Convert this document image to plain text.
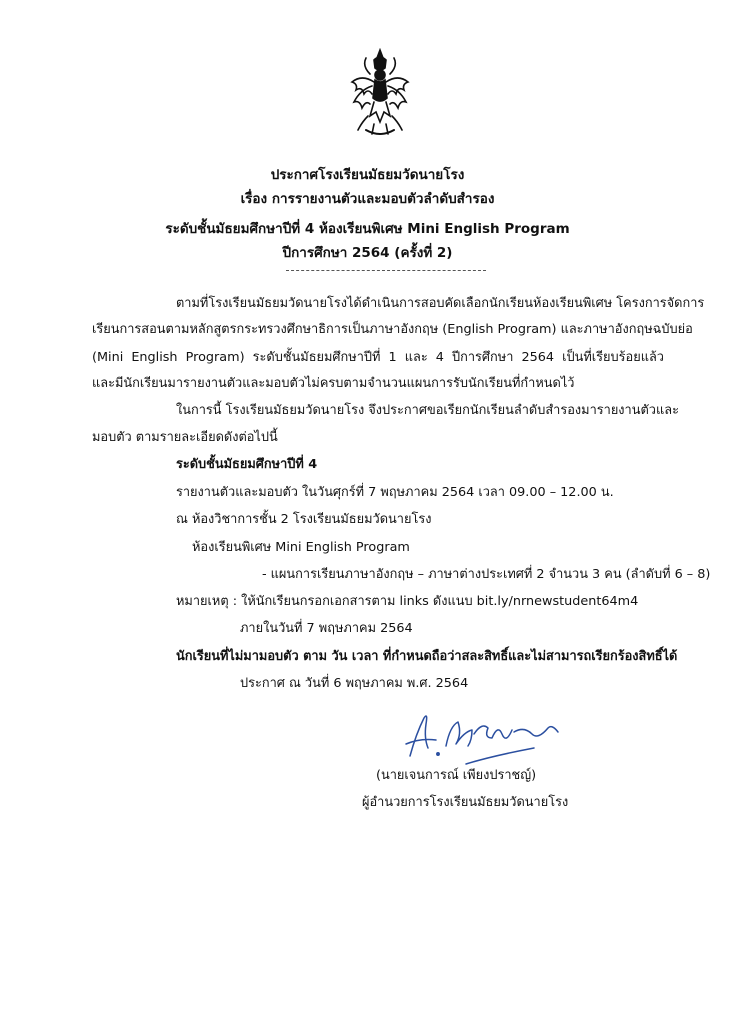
ประกาศโรงเรียนมัธยมวัดนายโรง
เรื่อง การรายงานตัวและมอบตัวลำดับสำรอง
ระดับชั้นมัธยมศึกษาปีที่ 4 ห้องเรียนพิเศษ Mini English Program
ปีการศึกษา 2564 (ครั้งที่ 2)
ตามที่โรงเรียนมัธยมวัดนายโรงได้ดำเนินการสอบคัดเลือกนักเรียนห้องเรียนพิเศษ โครงการจัดการ
เรียนการสอนตามหลักสูตรกระทรวงศึกษาธิการเป็นภาษาอังกฤษ (English Program) และภาษาอังกฤษฉบับย่อ
(Mini English Program) ระดับชั้นมัธยมศึกษาปีที่ 1 และ 4 ปีการศึกษา 2564 เป็นที่เรียบร้อยแล้ว
และมีนักเรียนมารายงานตัวและมอบตัวไม่ครบตามจำนวนแผนการรับนักเรียนที่กำหนดไว้
ในการนี้ โรงเรียนมัธยมวัดนายโรง จึงประกาศขอเรียกนักเรียนลำดับสำรองมารายงานตัวและ
มอบตัว ตามรายละเอียดดังต่อไปนี้
ระดับชั้นมัธยมศึกษาปีที่ 4
รายงานตัวและมอบตัว ในวันศุกร์ที่ 7 พฤษภาคม 2564 เวลา 09.00 – 12.00 น.
ณ ห้องวิชาการชั้น 2 โรงเรียนมัธยมวัดนายโรง
ห้องเรียนพิเศษ Mini English Program
- แผนการเรียนภาษาอังกฤษ – ภาษาต่างประเทศที่ 2 จำนวน 3 คน (ลำดับที่ 6 – 8)
หมายเหตุ : ให้นักเรียนกรอกเอกสารตาม links ดังแนบ bit.ly/nrnewstudent64m4
ภายในวันที่ 7 พฤษภาคม 2564
นักเรียนที่ไม่มามอบตัว ตาม วัน เวลา ที่กำหนดถือว่าสละสิทธิ์และไม่สามารถเรียกร้องสิทธิ์ได้
ประกาศ ณ วันที่ 6 พฤษภาคม พ.ศ. 2564
(นายเจนการณ์ เพียงปราชญ์)
ผู้อำนวยการโรงเรียนมัธยมวัดนายโรง
